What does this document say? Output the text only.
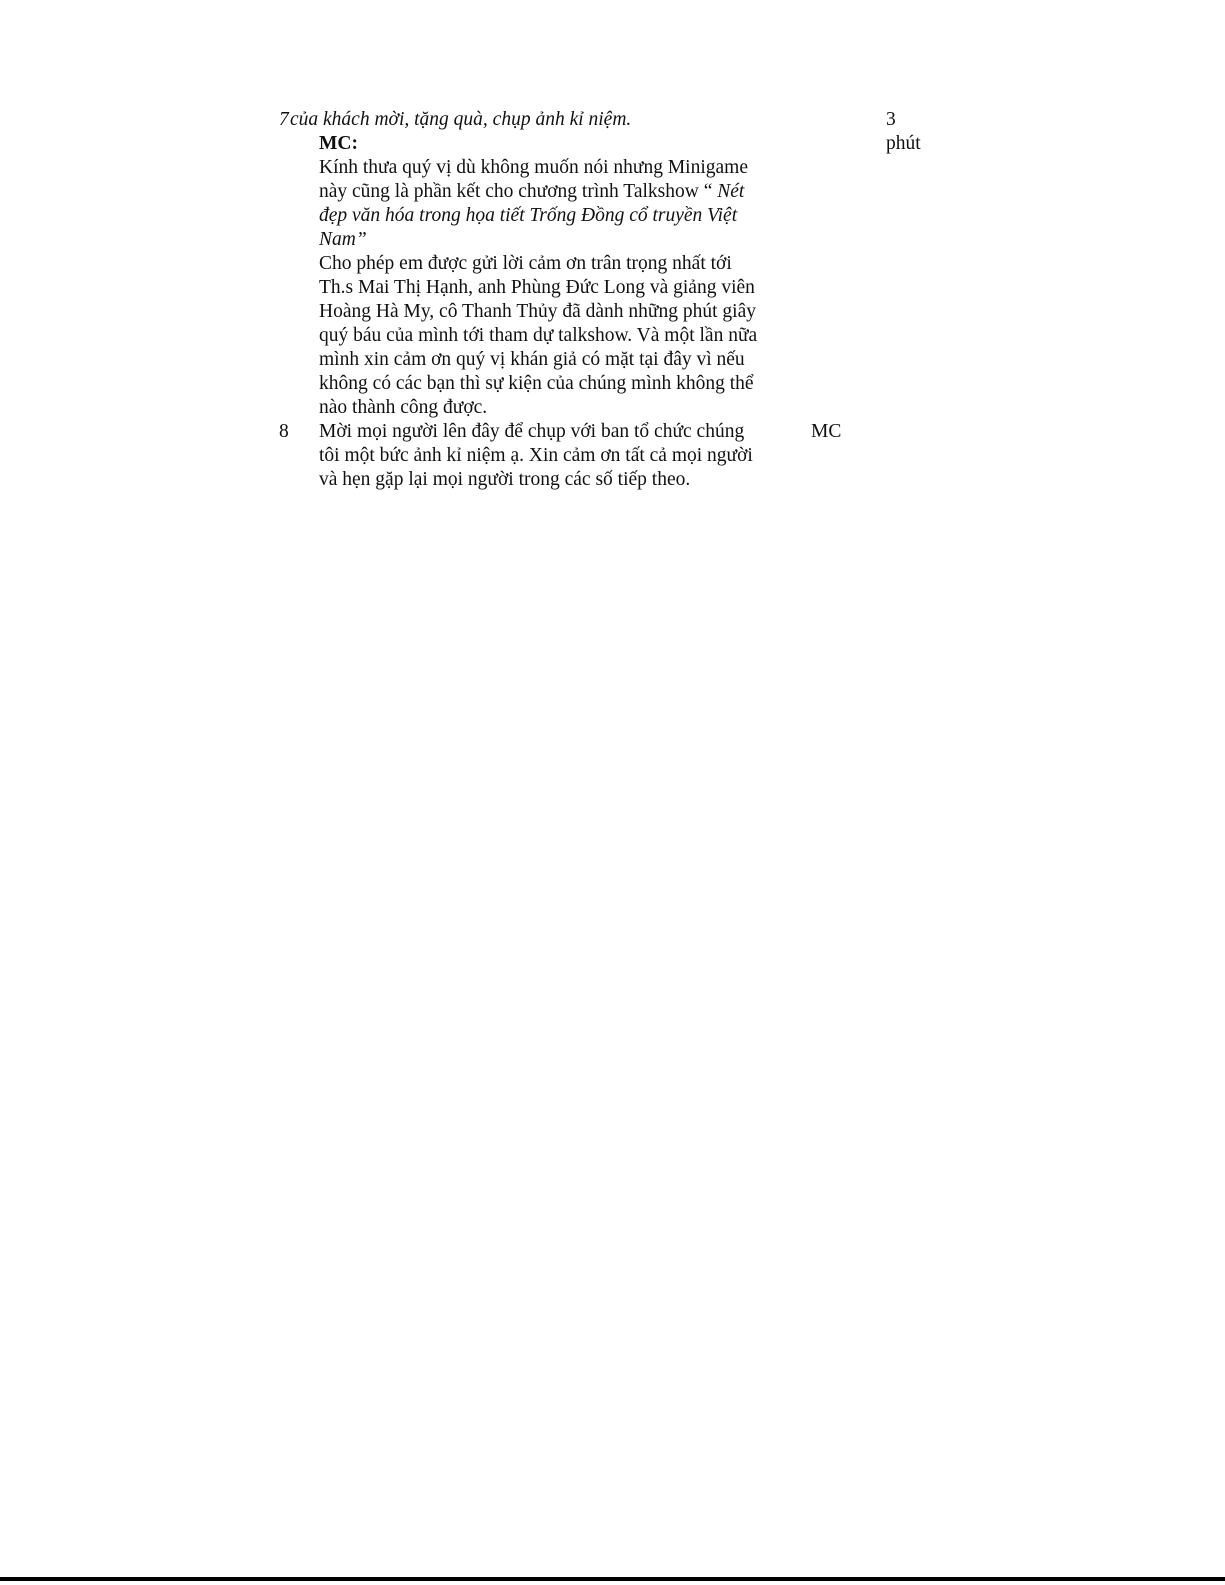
7 của khách mời, tặng quà, chụp ảnh kỉ niệm.
MC:
Kính thưa quý vị dù không muốn nói nhưng Minigame
này cũng là phần kết cho chương trình Talkshow “ Nét
đẹp văn hóa trong họa tiết Trống Đồng cổ truyền Việt
Nam”
Cho phép em được gửi lời cảm ơn trân trọng nhất tới
Th.s Mai Thị Hạnh, anh Phùng Đức Long và giảng viên
Hoàng Hà My, cô Thanh Thủy đã dành những phút giây
quý báu của mình tới tham dự talkshow. Và một lần nữa
mình xin cảm ơn quý vị khán giả có mặt tại đây vì nếu
không có các bạn thì sự kiện của chúng mình không thể
nào thành công được.
3
phút
8 Mời mọi người lên đây để chụp với ban tổ chức chúng
tôi một bức ảnh kỉ niệm ạ. Xin cảm ơn tất cả mọi người
và hẹn gặp lại mọi người trong các số tiếp theo.
MC
